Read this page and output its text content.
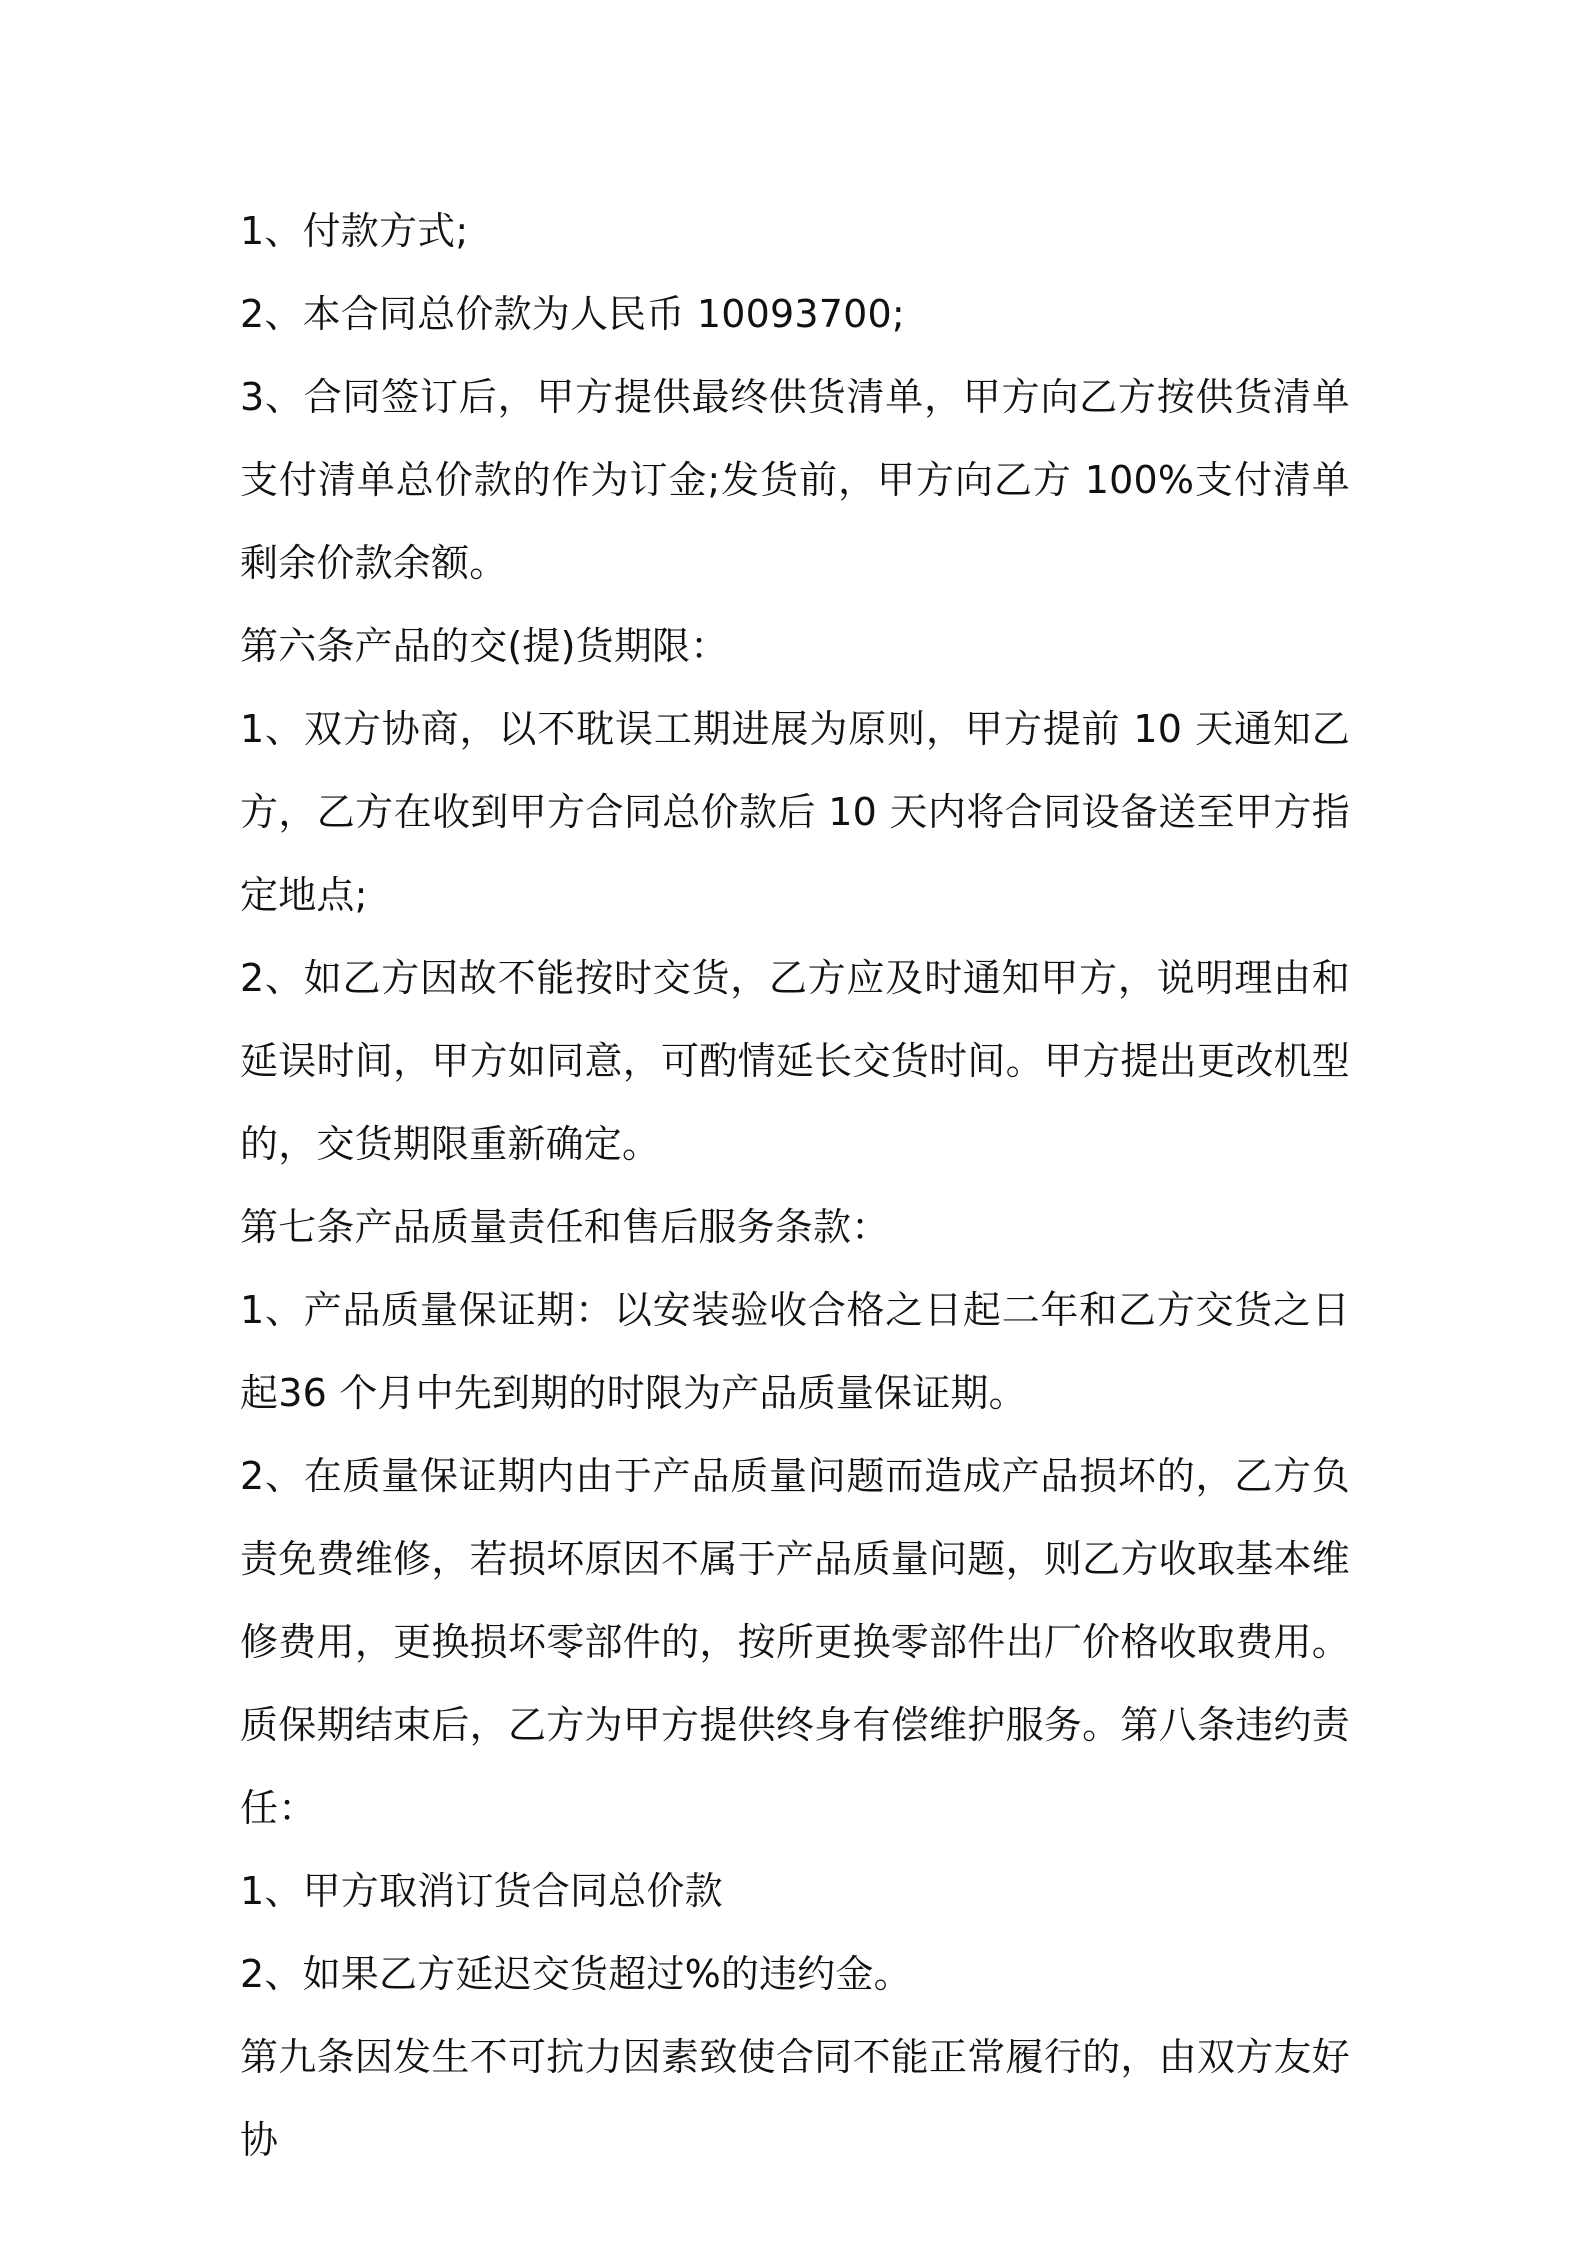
1、付款方式;

2、本合同总价款为人民币 10093700;

3、合同签订后，甲方提供最终供货清单，甲方向乙方按供货清单支付清单总价款的作为订金;发货前，甲方向乙方 100%支付清单剩余价款余额。

第六条产品的交(提)货期限：

1、双方协商，以不耽误工期进展为原则，甲方提前 10 天通知乙方，乙方在收到甲方合同总价款后 10 天内将合同设备送至甲方指定地点;

2、如乙方因故不能按时交货，乙方应及时通知甲方，说明理由和延误时间，甲方如同意，可酌情延长交货时间。甲方提出更改机型的，交货期限重新确定。

第七条产品质量责任和售后服务条款：

1、产品质量保证期：以安装验收合格之日起二年和乙方交货之日起36 个月中先到期的时限为产品质量保证期。

2、在质量保证期内由于产品质量问题而造成产品损坏的，乙方负责免费维修，若损坏原因不属于产品质量问题，则乙方收取基本维修费用，更换损坏零部件的，按所更换零部件出厂价格收取费用。质保期结束后，乙方为甲方提供终身有偿维护服务。第八条违约责任：

1、甲方取消订货合同总价款

2、如果乙方延迟交货超过%的违约金。

第九条因发生不可抗力因素致使合同不能正常履行的，由双方友好协
